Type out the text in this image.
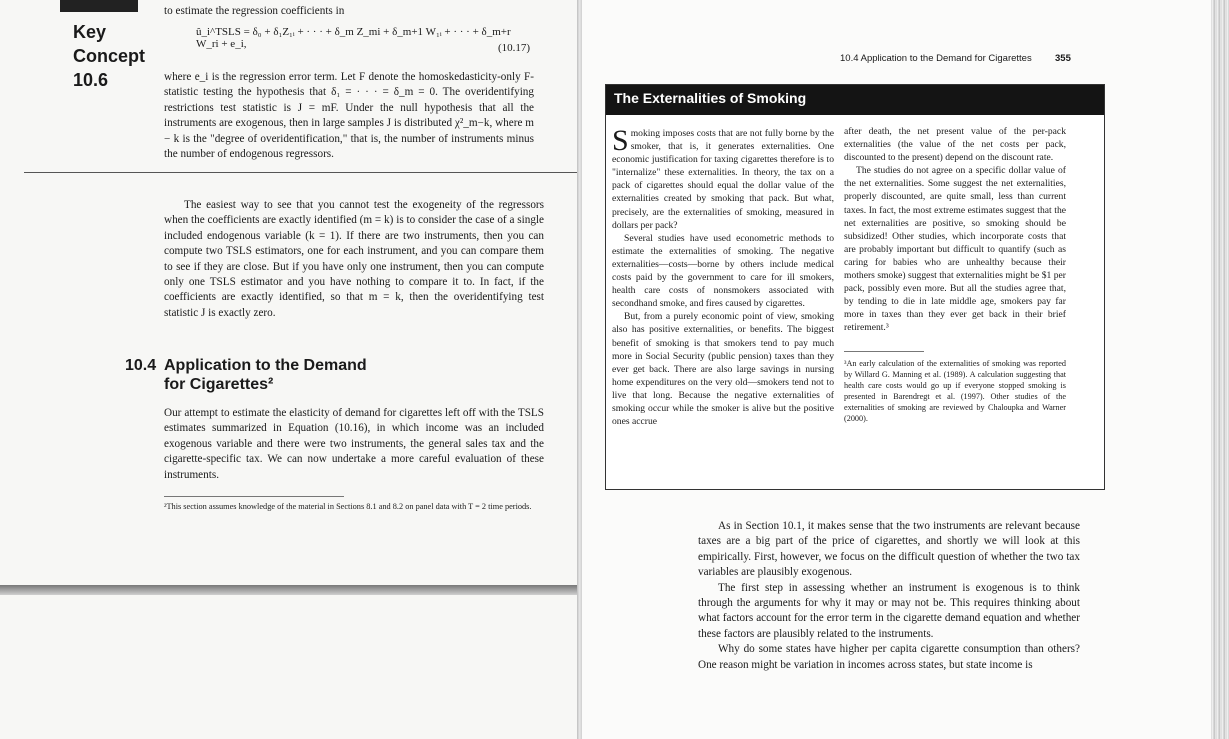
to estimate the regression coefficients in
Key
Concept
10.6
û_i^TSLS = δ₀ + δ₁Z₁ᵢ + · · · + δ_m Z_mi + δ_m+1 W₁ᵢ + · · · + δ_m+r W_ri + e_i,	(10.17)
where e_i is the regression error term. Let F denote the homoskedasticity-only F-statistic testing the hypothesis that δ₁ = · · · = δ_m = 0. The overidentifying restrictions test statistic is J = mF. Under the null hypothesis that all the instruments are exogenous, then in large samples J is distributed χ²_m−k, where m − k is the "degree of overidentification," that is, the number of instruments minus the number of endogenous regressors.
The easiest way to see that you cannot test the exogeneity of the regressors when the coefficients are exactly identified (m = k) is to consider the case of a single included endogenous variable (k = 1). If there are two instruments, then you can compute two TSLS estimators, one for each instrument, and you can compare them to see if they are close. But if you have only one instrument, then you can compute only one TSLS estimator and you have nothing to compare it to. In fact, if the coefficients are exactly identified, so that m = k, then the overidentifying test statistic J is exactly zero.
10.4 Application to the Demand
for Cigarettes²
Our attempt to estimate the elasticity of demand for cigarettes left off with the TSLS estimates summarized in Equation (10.16), in which income was an included exogenous variable and there were two instruments, the general sales tax and the cigarette-specific tax. We can now undertake a more careful evaluation of these instruments.
²This section assumes knowledge of the material in Sections 8.1 and 8.2 on panel data with T = 2 time periods.
10.4 Application to the Demand for Cigarettes 355
The Externalities of Smoking

Smoking imposes costs that are not fully borne by the smoker, that is, it generates externalities. One economic justification for taxing cigarettes therefore is to "internalize" these externalities. In theory, the tax on a pack of cigarettes should equal the dollar value of the externalities created by smoking that pack. But what, precisely, are the externalities of smoking, measured in dollars per pack?

Several studies have used econometric methods to estimate the externalities of smoking. The negative externalities—costs—borne by others include medical costs paid by the government to care for ill smokers, health care costs of nonsmokers associated with secondhand smoke, and fires caused by cigarettes.

But, from a purely economic point of view, smoking also has positive externalities, or benefits. The biggest benefit of smoking is that smokers tend to pay much more in Social Security (public pension) taxes than they ever get back. There are also large savings in nursing home expenditures on the very old—smokers tend not to live that long. Because the negative externalities of smoking occur while the smoker is alive but the positive ones accrue

after death, the net present value of the per-pack externalities (the value of the net costs per pack, discounted to the present) depend on the discount rate.

The studies do not agree on a specific dollar value of the net externalities. Some suggest the net externalities, properly discounted, are quite small, less than current taxes. In fact, the most extreme estimates suggest that the net externalities are positive, so smoking should be subsidized! Other studies, which incorporate costs that are probably important but difficult to quantify (such as caring for babies who are unhealthy because their mothers smoke) suggest that externalities might be $1 per pack, possibly even more. But all the studies agree that, by tending to die in late middle age, smokers pay far more in taxes than they ever get back in their brief retirement.³

³An early calculation of the externalities of smoking was reported by Willard G. Manning et al. (1989). A calculation suggesting that health care costs would go up if everyone stopped smoking is presented in Barendregt et al. (1997). Other studies of the externalities of smoking are reviewed by Chaloupka and Warner (2000).

As in Section 10.1, it makes sense that the two instruments are relevant because taxes are a big part of the price of cigarettes, and shortly we will look at this empirically. First, however, we focus on the difficult question of whether the two tax variables are plausibly exogenous.

The first step in assessing whether an instrument is exogenous is to think through the arguments for why it may or may not be. This requires thinking about what factors account for the error term in the cigarette demand equation and whether these factors are plausibly related to the instruments.

Why do some states have higher per capita cigarette consumption than others? One reason might be variation in incomes across states, but state income is
